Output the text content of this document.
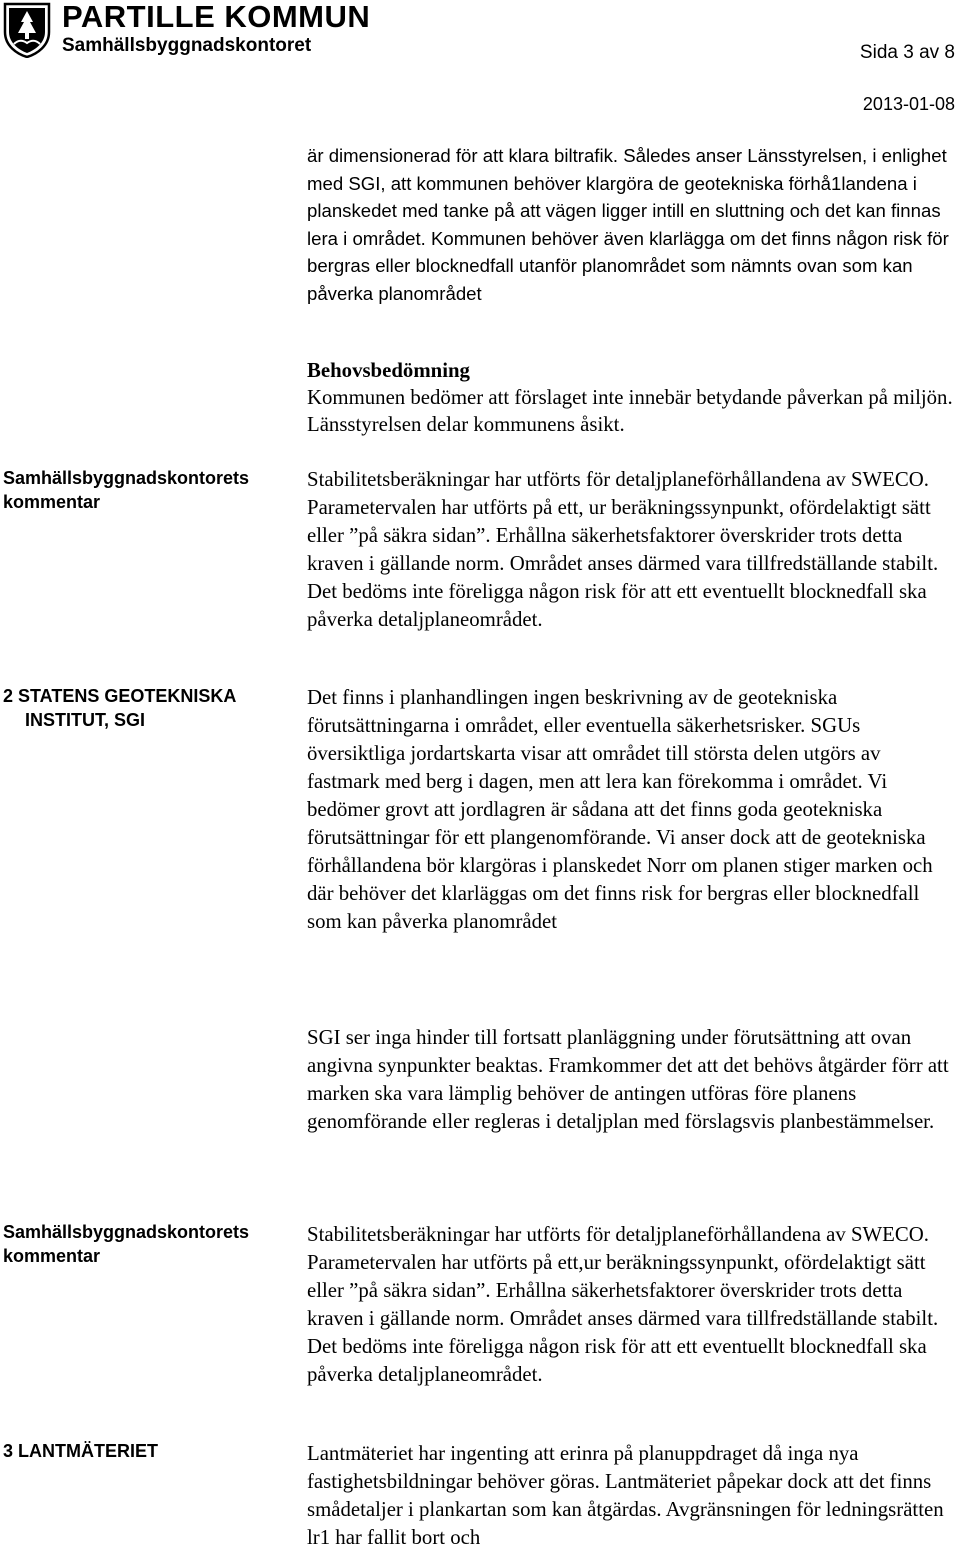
PARTILLE KOMMUN
Samhällsbyggnadskontoret	Sida 3 av 8
2013-01-08

är dimensionerad för att klara biltrafik. Således anser Länsstyrelsen, i enlighet med SGI, att kommunen behöver klargöra de geotekniska förhå1landena i planskedet med tanke på att vägen ligger intill en sluttning och det kan finnas lera i området. Kommunen behöver även klarlägga om det finns någon risk för bergras eller blocknedfall utanför planområdet som nämnts ovan som kan påverka planområdet

Behovsbedömning
Kommunen bedömer att förslaget inte innebär betydande påverkan på miljön. Länsstyrelsen delar kommunens åsikt.

Samhällsbyggnadskontorets
kommentar

Stabilitetsberäkningar har utförts för detaljplaneförhållandena av SWECO. Parametervalen har utförts på ett, ur beräkningssynpunkt, ofördelaktigt sätt eller ”på säkra sidan”. Erhållna säkerhetsfaktorer överskrider trots detta kraven i gällande norm. Området anses därmed vara tillfredställande stabilt. Det bedöms inte föreligga någon risk för att ett eventuellt blocknedfall ska påverka detaljplaneområdet.

2 STATENS GEOTEKNISKA
INSTITUT, SGI

Det finns i planhandlingen ingen beskrivning av de geotekniska förutsättningarna i området, eller eventuella säkerhetsrisker. SGUs översiktliga jordartskarta visar att området till största delen utgörs av fastmark med berg i dagen, men att lera kan förekomma i området. Vi bedömer grovt att jordlagren är sådana att det finns goda geotekniska förutsättningar för ett plangenomförande. Vi anser dock att de geotekniska förhållandena bör klargöras i planskedet Norr om planen stiger marken och där behöver det klarläggas om det finns risk for bergras eller blocknedfall som kan påverka planområdet

SGI ser inga hinder till fortsatt planläggning under förutsättning att ovan angivna synpunkter beaktas. Framkommer det att det behövs åtgärder förr att marken ska vara lämplig behöver de antingen utföras före planens genomförande eller regleras i detaljplan med förslagsvis planbestämmelser.

Samhällsbyggnadskontorets
kommentar

Stabilitetsberäkningar har utförts för detaljplaneförhållandena av SWECO. Parametervalen har utförts på ett,ur beräkningssynpunkt, ofördelaktigt sätt eller ”på säkra sidan”. Erhållna säkerhetsfaktorer överskrider trots detta kraven i gällande norm. Området anses därmed vara tillfredställande stabilt. Det bedöms inte föreligga någon risk för att ett eventuellt blocknedfall ska påverka detaljplaneområdet.

3 LANTMÄTERIET	Lantmäteriet har ingenting att erinra på planuppdraget då inga nya fastighetsbildningar behöver göras. Lantmäteriet påpekar dock att det finns smådetaljer i plankartan som kan åtgärdas. Avgränsningen för ledningsrätten lr1 har fallit bort och
